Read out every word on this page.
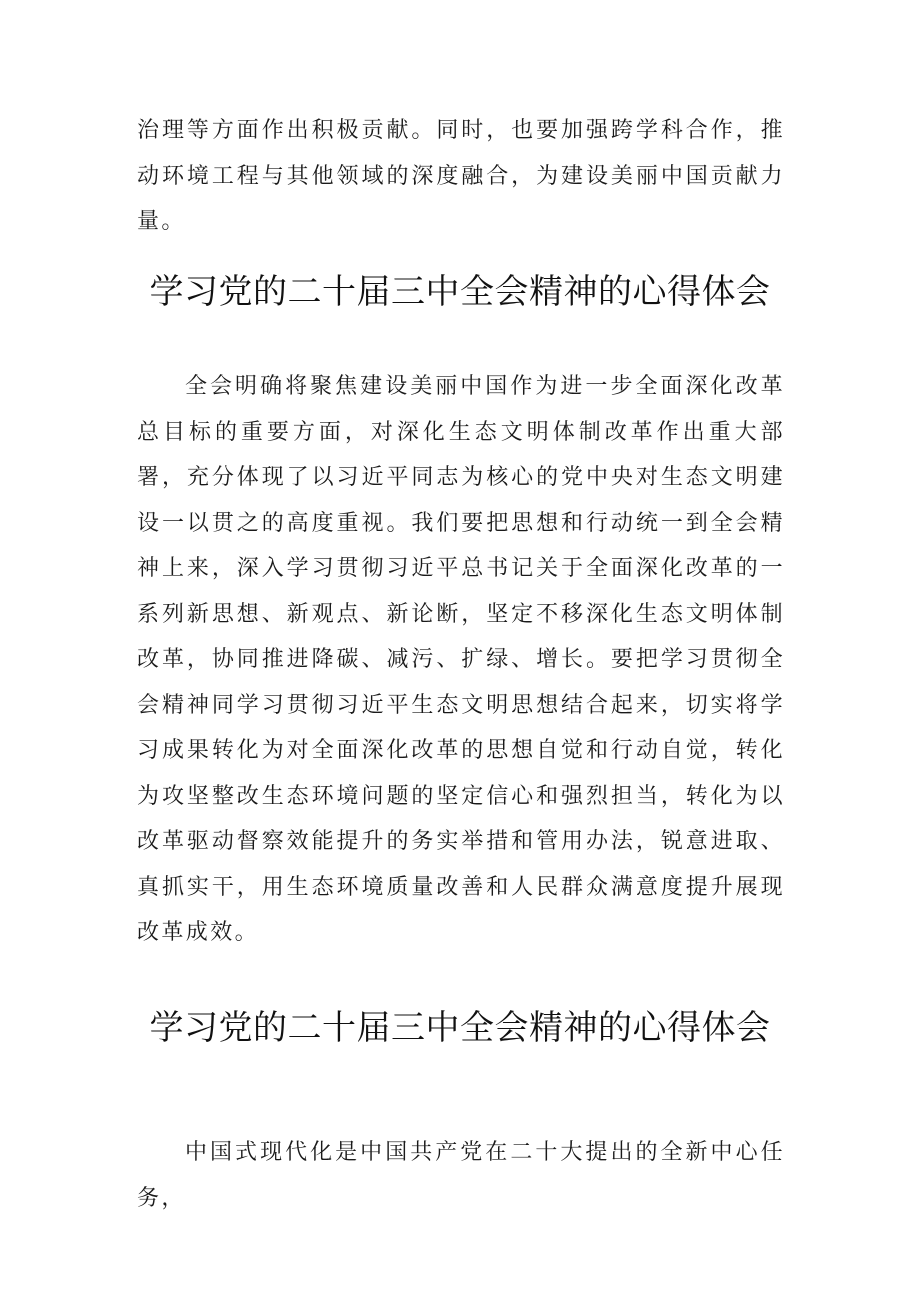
治理等方面作出积极贡献。同时，也要加强跨学科合作，推动环境工程与其他领域的深度融合，为建设美丽中国贡献力量。

学习党的二十届三中全会精神的心得体会

全会明确将聚焦建设美丽中国作为进一步全面深化改革总目标的重要方面，对深化生态文明体制改革作出重大部署，充分体现了以习近平同志为核心的党中央对生态文明建设一以贯之的高度重视。我们要把思想和行动统一到全会精神上来，深入学习贯彻习近平总书记关于全面深化改革的一系列新思想、新观点、新论断，坚定不移深化生态文明体制改革，协同推进降碳、减污、扩绿、增长。要把学习贯彻全会精神同学习贯彻习近平生态文明思想结合起来，切实将学习成果转化为对全面深化改革的思想自觉和行动自觉，转化为攻坚整改生态环境问题的坚定信心和强烈担当，转化为以改革驱动督察效能提升的务实举措和管用办法，锐意进取、真抓实干，用生态环境质量改善和人民群众满意度提升展现改革成效。

学习党的二十届三中全会精神的心得体会

中国式现代化是中国共产党在二十大提出的全新中心任务，
